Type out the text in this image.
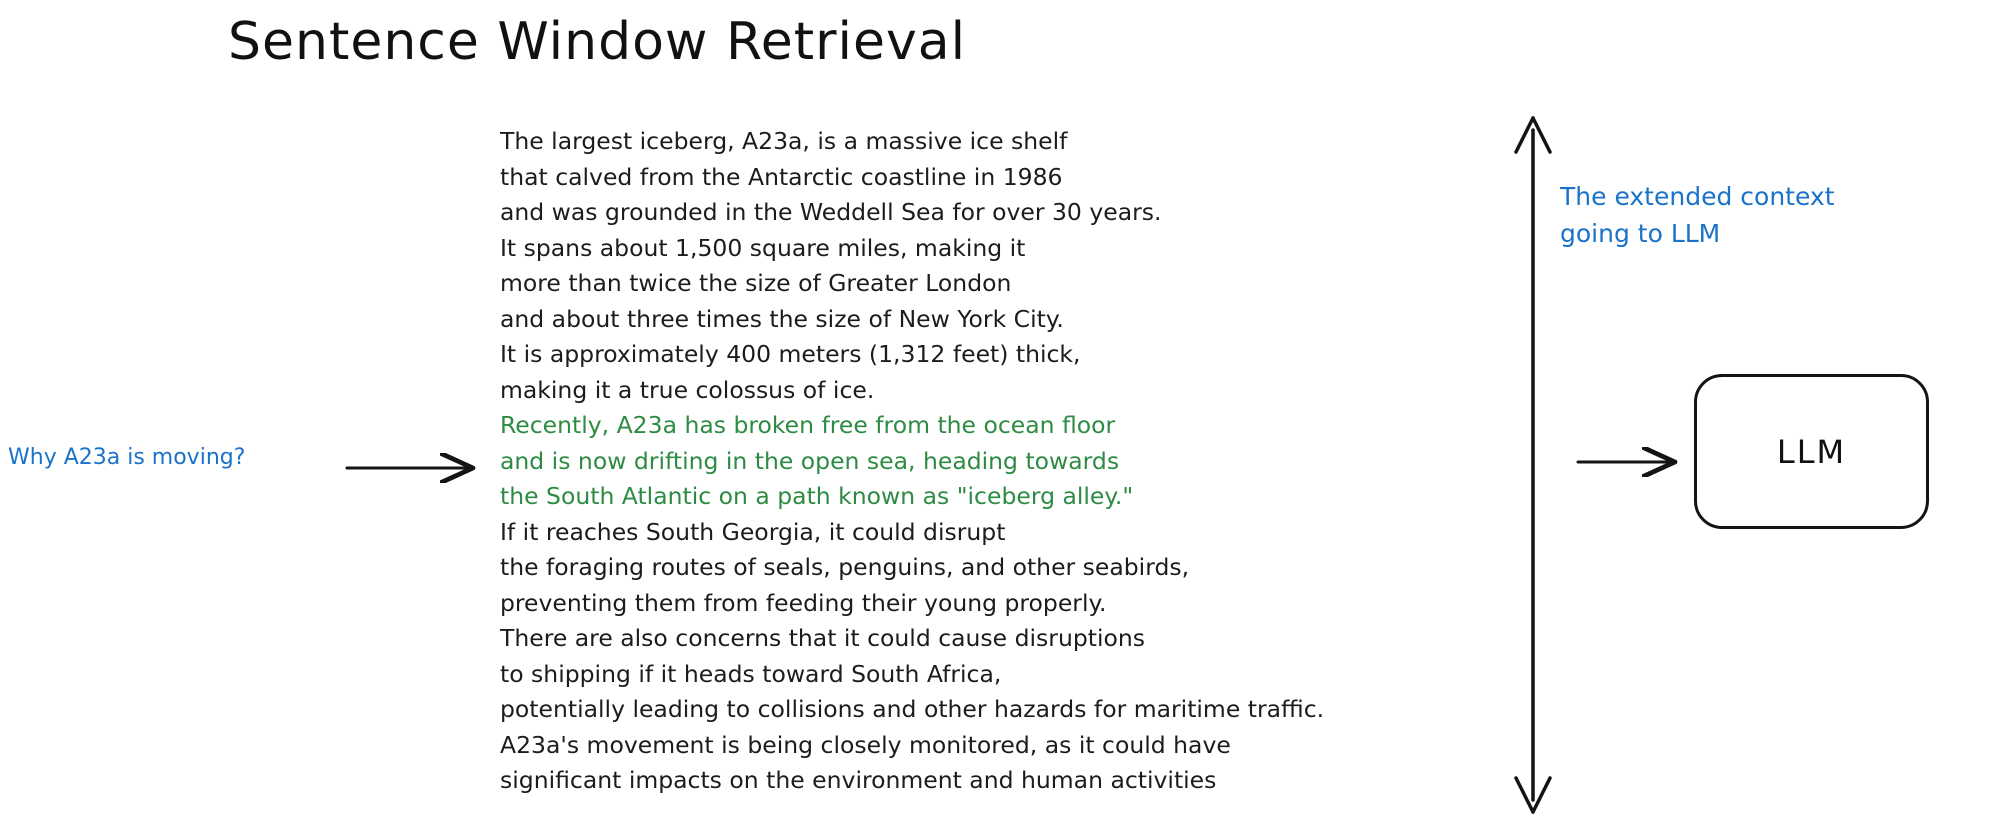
Sentence Window Retrieval
Why A23a is moving?
The largest iceberg, A23a, is a massive ice shelf
that calved from the Antarctic coastline in 1986
and was grounded in the Weddell Sea for over 30 years.
It spans about 1,500 square miles, making it
more than twice the size of Greater London
and about three times the size of New York City.
It is approximately 400 meters (1,312 feet) thick,
making it a true colossus of ice.
Recently, A23a has broken free from the ocean floor
and is now drifting in the open sea, heading towards
the South Atlantic on a path known as "iceberg alley."
If it reaches South Georgia, it could disrupt
the foraging routes of seals, penguins, and other seabirds,
preventing them from feeding their young properly.
There are also concerns that it could cause disruptions
to shipping if it heads toward South Africa,
potentially leading to collisions and other hazards for maritime traffic.
A23a's movement is being closely monitored, as it could have
significant impacts on the environment and human activities
The extended context
going to LLM
LLM
